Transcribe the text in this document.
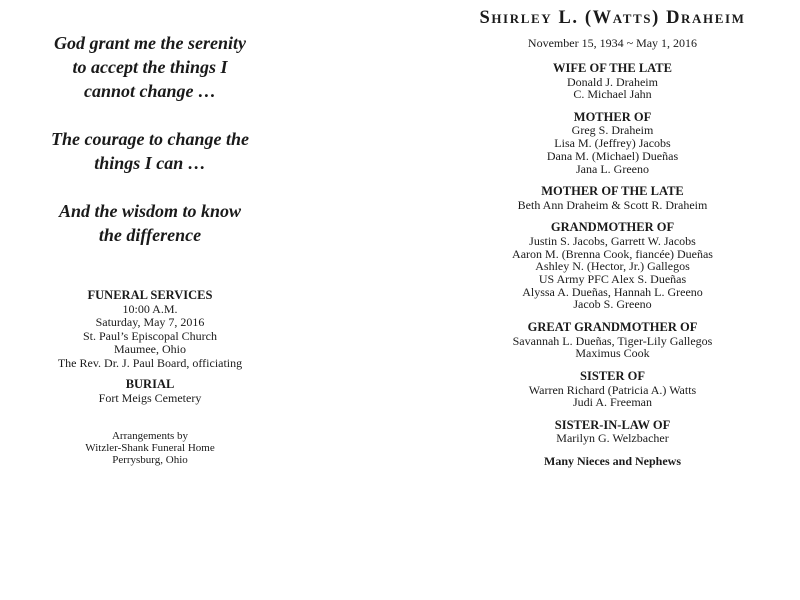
God grant me the serenity
to accept the things I
cannot change …
The courage to change the
things I can …
And the wisdom to know
the difference
FUNERAL SERVICES
10:00 A.M.
Saturday, May 7, 2016
St. Paul’s Episcopal Church
Maumee, Ohio
The Rev. Dr. J. Paul Board, officiating
BURIAL
Fort Meigs Cemetery
Arrangements by
Witzler-Shank Funeral Home
Perrysburg, Ohio
Shirley L. (Watts) Draheim
November 15, 1934 ~ May 1, 2016
WIFE OF THE LATE
Donald J. Draheim
C. Michael Jahn
MOTHER OF
Greg S. Draheim
Lisa M. (Jeffrey) Jacobs
Dana M. (Michael) Dueñas
Jana L. Greeno
MOTHER OF THE LATE
Beth Ann Draheim & Scott R. Draheim
GRANDMOTHER OF
Justin S. Jacobs, Garrett W. Jacobs
Aaron M. (Brenna Cook, fiancée) Dueñas
Ashley N. (Hector, Jr.) Gallegos
US Army PFC Alex S. Dueñas
Alyssa A. Dueñas, Hannah L. Greeno
Jacob S. Greeno
GREAT GRANDMOTHER OF
Savannah L. Dueñas, Tiger-Lily Gallegos
Maximus Cook
SISTER OF
Warren Richard (Patricia A.) Watts
Judi A. Freeman
SISTER-IN-LAW OF
Marilyn G. Welzbacher
Many Nieces and Nephews
